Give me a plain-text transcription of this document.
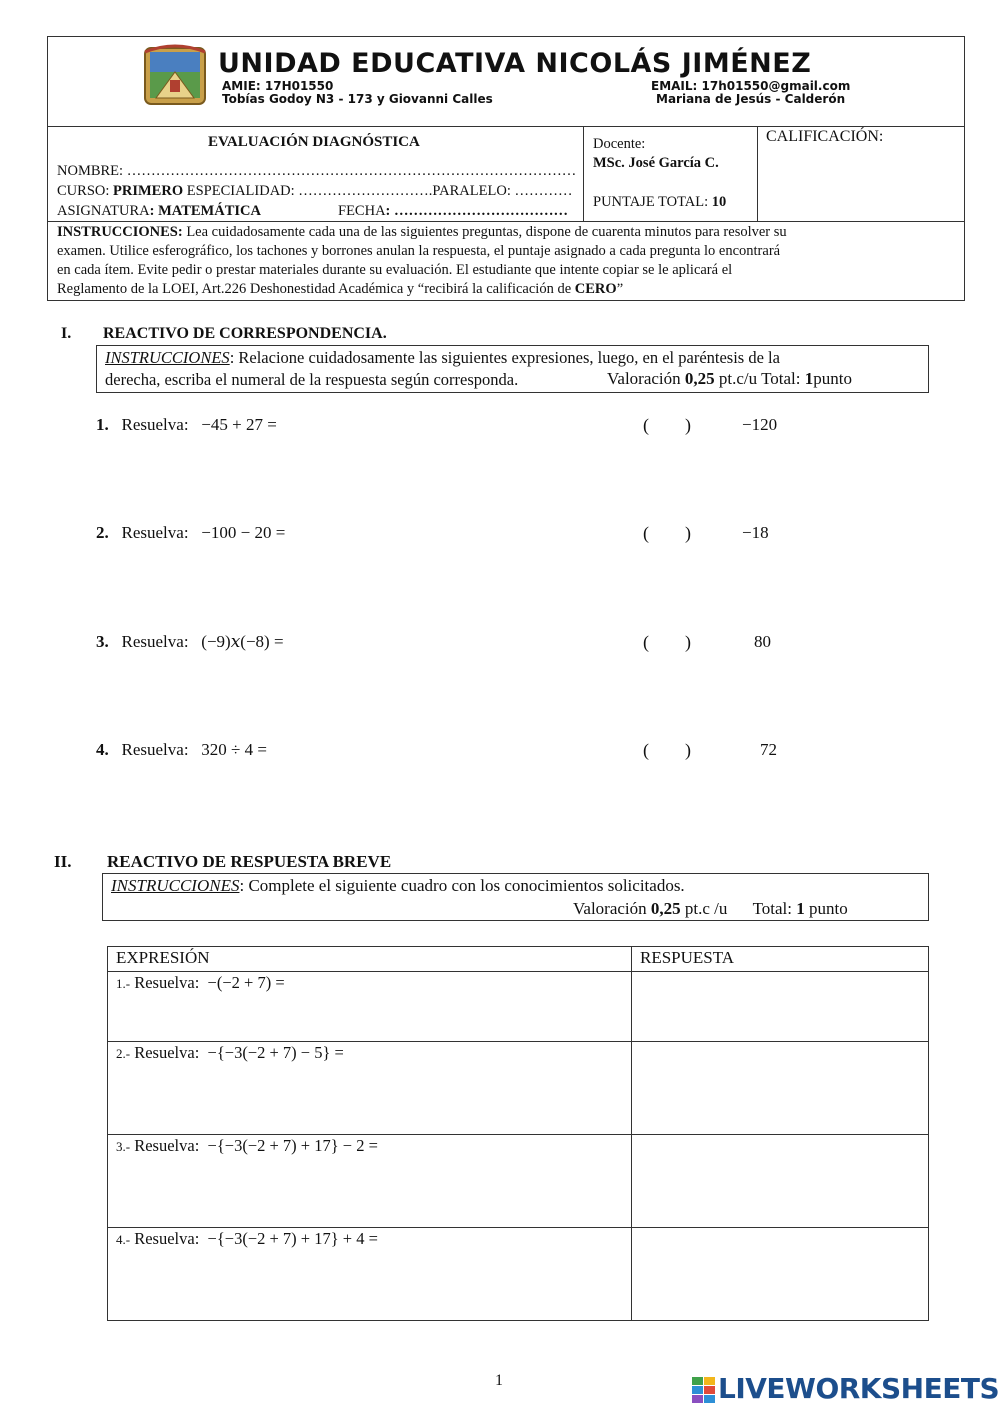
UNIDAD EDUCATIVA NICOLÁS JIMÉNEZ
AMIE: 17H01550	EMAIL: 17h01550@gmail.com
Tobías Godoy N3 - 173 y Giovanni Calles	Mariana de Jesús - Calderón
EVALUACIÓN DIAGNÓSTICA
NOMBRE: …………………………………………………………………………………
CURSO: PRIMERO ESPECIALIDAD: ……………………….PARALELO: …………
ASIGNATURA: MATEMÁTICA	FECHA: ………………………………
Docente:
MSc. José García C.
PUNTAJE TOTAL: 10
CALIFICACIÓN:
INSTRUCCIONES: Lea cuidadosamente cada una de las siguientes preguntas, dispone de cuarenta minutos para resolver su
examen. Utilice esferográfico, los tachones y borrones anulan la respuesta, el puntaje asignado a cada pregunta lo encontrará
en cada ítem. Evite pedir o prestar materiales durante su evaluación. El estudiante que intente copiar se le aplicará el
Reglamento de la LOEI, Art.226 Deshonestidad Académica y “recibirá la calificación de CERO”
I. REACTIVO DE CORRESPONDENCIA.
INSTRUCCIONES: Relacione cuidadosamente las siguientes expresiones, luego, en el paréntesis de la
derecha, escriba el numeral de la respuesta según corresponda.	Valoración 0,25 pt.c/u Total: 1punto
1. Resuelva: −45 + 27 =	(        )	−120
2. Resuelva: −100 − 20 =	(        )	−18
3. Resuelva: (−9)𝑥(−8) =	(        )	80
4. Resuelva: 320 ÷ 4 =	(        )	72
II. REACTIVO DE RESPUESTA BREVE
INSTRUCCIONES: Complete el siguiente cuadro con los conocimientos solicitados.
Valoración 0,25 pt.c /u      Total: 1 punto
EXPRESIÓN	RESPUESTA
1.- Resuelva:  −(−2 + 7) =
2.- Resuelva:  −{−3(−2 + 7) − 5} =
3.- Resuelva:  −{−3(−2 + 7) + 17} − 2 =
4.- Resuelva:  −{−3(−2 + 7) + 17} + 4 =
1	LIVEWORKSHEETS
